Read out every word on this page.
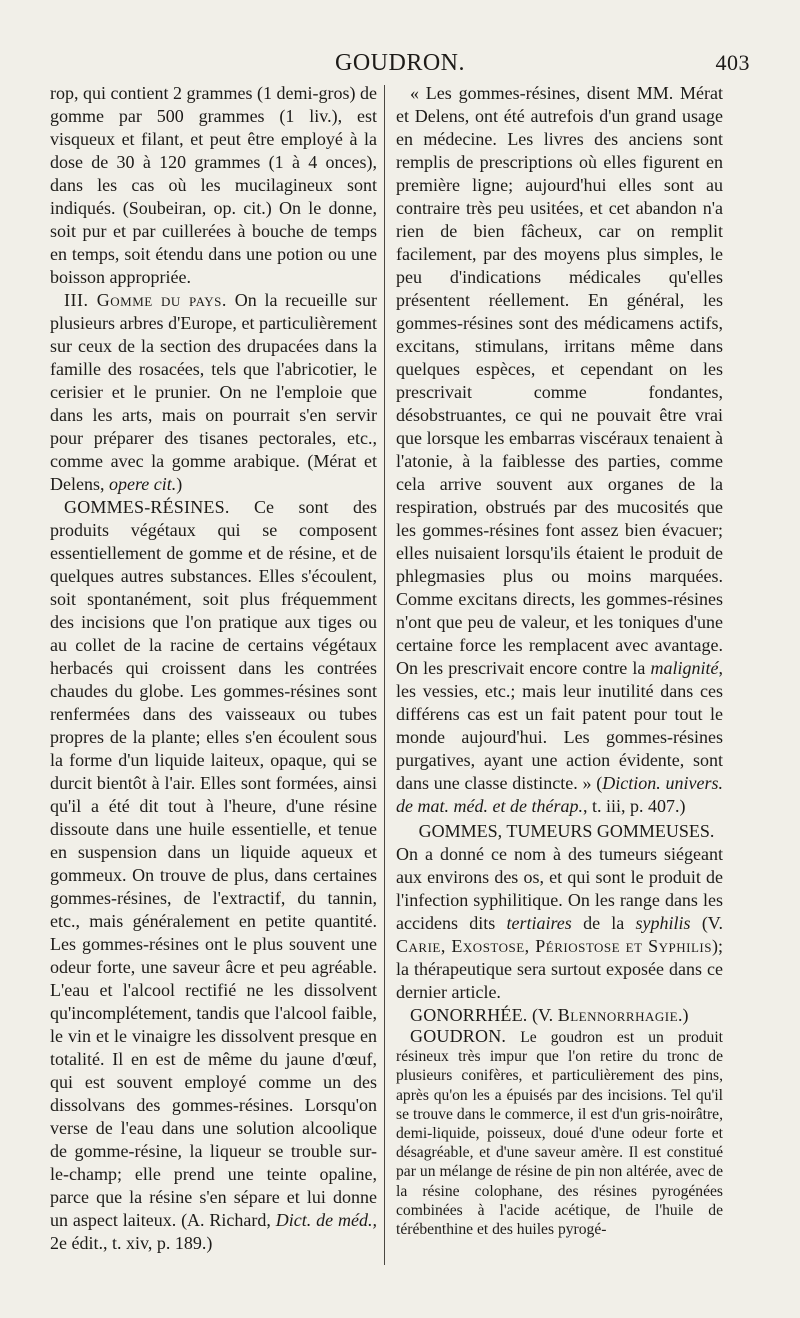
GOUDRON.	403

rop, qui contient 2 grammes (1 demi-gros) de gomme par 500 grammes (1 liv.), est visqueux et filant, et peut être employé à la dose de 30 à 120 grammes (1 à 4 onces), dans les cas où les mucilagineux sont indiqués. (Soubeiran, op. cit.) On le donne, soit pur et par cuillerées à bouche de temps en temps, soit étendu dans une potion ou une boisson appropriée.

III. Gomme du pays. On la recueille sur plusieurs arbres d'Europe, et particulièrement sur ceux de la section des drupacées dans la famille des rosacées, tels que l'abricotier, le cerisier et le prunier. On ne l'emploie que dans les arts, mais on pourrait s'en servir pour préparer des tisanes pectorales, etc., comme avec la gomme arabique. (Mérat et Delens, opere cit.)

GOMMES-RÉSINES. Ce sont des produits végétaux qui se composent essentiellement de gomme et de résine, et de quelques autres substances. Elles s'écoulent, soit spontanément, soit plus fréquemment des incisions que l'on pratique aux tiges ou au collet de la racine de certains végétaux herbacés qui croissent dans les contrées chaudes du globe. Les gommes-résines sont renfermées dans des vaisseaux ou tubes propres de la plante; elles s'en écoulent sous la forme d'un liquide laiteux, opaque, qui se durcit bientôt à l'air. Elles sont formées, ainsi qu'il a été dit tout à l'heure, d'une résine dissoute dans une huile essentielle, et tenue en suspension dans un liquide aqueux et gommeux. On trouve de plus, dans certaines gommes-résines, de l'extractif, du tannin, etc., mais généralement en petite quantité. Les gommes-résines ont le plus souvent une odeur forte, une saveur âcre et peu agréable. L'eau et l'alcool rectifié ne les dissolvent qu'incomplétement, tandis que l'alcool faible, le vin et le vinaigre les dissolvent presque en totalité. Il en est de même du jaune d'œuf, qui est souvent employé comme un des dissolvans des gommes-résines. Lorsqu'on verse de l'eau dans une solution alcoolique de gomme-résine, la liqueur se trouble sur-le-champ; elle prend une teinte opaline, parce que la résine s'en sépare et lui donne un aspect laiteux. (A. Richard, Dict. de méd., 2e édit., t. xiv, p. 189.)

« Les gommes-résines, disent MM. Mérat et Delens, ont été autrefois d'un grand usage en médecine. Les livres des anciens sont remplis de prescriptions où elles figurent en première ligne; aujourd'hui elles sont au contraire très peu usitées, et cet abandon n'a rien de bien fâcheux, car on remplit facilement, par des moyens plus simples, le peu d'indications médicales qu'elles présentent réellement. En général, les gommes-résines sont des médicamens actifs, excitans, stimulans, irritans même dans quelques espèces, et cependant on les prescrivait comme fondantes, désobstruantes, ce qui ne pouvait être vrai que lorsque les embarras viscéraux tenaient à l'atonie, à la faiblesse des parties, comme cela arrive souvent aux organes de la respiration, obstrués par des mucosités que les gommes-résines font assez bien évacuer; elles nuisaient lorsqu'ils étaient le produit de phlegmasies plus ou moins marquées. Comme excitans directs, les gommes-résines n'ont que peu de valeur, et les toniques d'une certaine force les remplacent avec avantage. On les prescrivait encore contre la malignité, les vessies, etc.; mais leur inutilité dans ces différens cas est un fait patent pour tout le monde aujourd'hui. Les gommes-résines purgatives, ayant une action évidente, sont dans une classe distincte. » (Diction. univers. de mat. méd. et de thérap., t. iii, p. 407.)

GOMMES, TUMEURS GOMMEUSES.

On a donné ce nom à des tumeurs siégeant aux environs des os, et qui sont le produit de l'infection syphilitique. On les range dans les accidens dits tertiaires de la syphilis (V. Carie, Exostose, Périostose et Syphilis); la thérapeutique sera surtout exposée dans ce dernier article.

GONORRHÉE. (V. Blennorrhagie.)

GOUDRON. Le goudron est un produit résineux très impur que l'on retire du tronc de plusieurs conifères, et particulièrement des pins, après qu'on les a épuisés par des incisions. Tel qu'il se trouve dans le commerce, il est d'un gris-noirâtre, demi-liquide, poisseux, doué d'une odeur forte et désagréable, et d'une saveur amère. Il est constitué par un mélange de résine de pin non altérée, avec de la résine colophane, des résines pyrogénées combinées à l'acide acétique, de l'huile de térébenthine et des huiles pyrogé-
